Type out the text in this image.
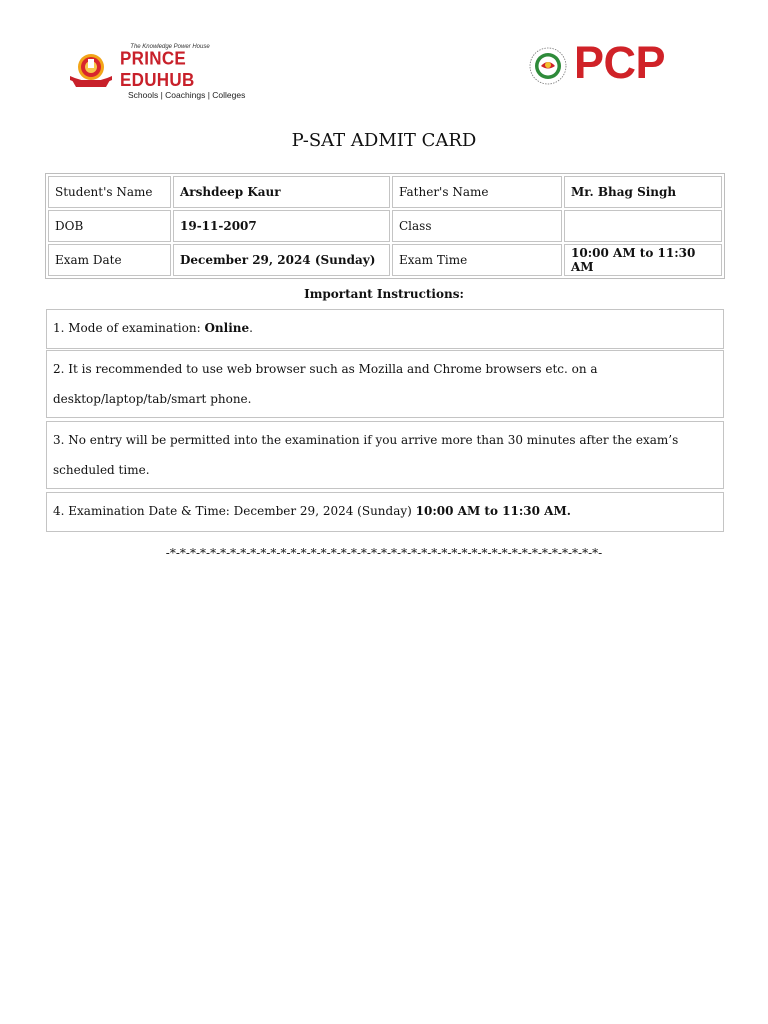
The Knowledge Power House
PRINCE EDUHUB
Schools | Coachings | Colleges
PCP
P-SAT ADMIT CARD
Student's Name	Arshdeep Kaur	Father's Name	Mr. Bhag Singh
DOB	19-11-2007	Class	
Exam Date	December 29, 2024 (Sunday)	Exam Time	10:00 AM to 11:30 AM
Important Instructions:
1. Mode of examination: Online.
2. It is recommended to use web browser such as Mozilla and Chrome browsers etc. on a desktop/laptop/tab/smart phone.
3. No entry will be permitted into the examination if you arrive more than 30 minutes after the exam’s scheduled time.
4. Examination Date & Time: December 29, 2024 (Sunday) 10:00 AM to 11:30 AM.
-*-*-*-*-*-*-*-*-*-*-*-*-*-*-*-*-*-*-*-*-*-*-*-*-*-*-*-*-*-*-*-*-*-*-*-*-*-*-*-*-*-*-*-
